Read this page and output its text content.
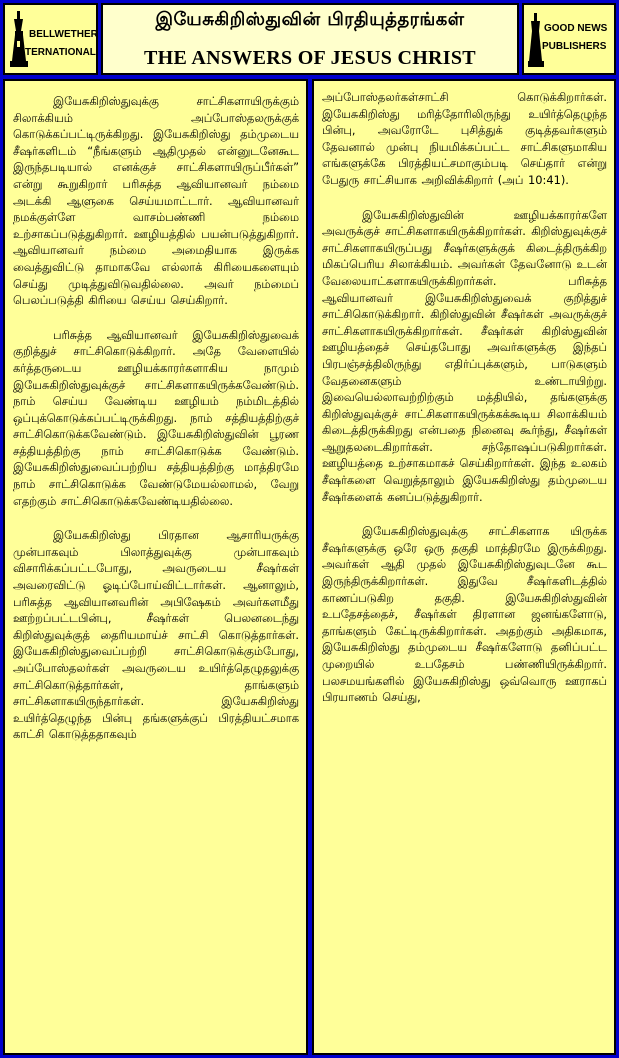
BELLWETHER
INTERNATIONAL
இயேசுகிறிஸ்துவின் பிரதியுத்தரங்கள்
THE ANSWERS OF JESUS CHRIST
GOOD NEWS
PUBLISHERS

இயேசுகிறிஸ்துவுக்கு சாட்சிகளாயிருக்கும் சிலாக்கியம் அப்போஸ்தலருக்குக் கொடுக்கப்பட்டிருக்கிறது. இயேசுகிறிஸ்து தம்முடைய சீஷர்களிடம் “நீங்களும் ஆதிமுதல் என்னுடனேகூட இருந்தபடியால் எனக்குச் சாட்சிகளாயிருப்பீர்கள்” என்று கூறுகிறார் பரிசுத்த ஆவியானவர் நம்மை அடக்கி ஆளுகை செய்யமாட்டார். ஆவியானவர் நமக்குள்ளே வாசம்பண்ணி நம்மை உற்சாகப்படுத்துகிறார். ஊழியத்தில் பயன்படுத்துகிறார். ஆவியானவர் நம்மை அமைதியாக இருக்க வைத்துவிட்டு தாமாகவே எல்லாக் கிரியைகளையும் செய்து முடித்துவிடுவதில்லை. அவர் நம்மைப் பெலப்படுத்தி கிரியை செய்ய செய்கிறார்.

பரிசுத்த ஆவியானவர் இயேசுகிறிஸ்துவைக் குறித்துச் சாட்சிகொடுக்கிறார். அதே வேளையில் கர்த்தருடைய ஊழியக்காரர்களாகிய நாமும் இயேசுகிறிஸ்துவுக்குச் சாட்சிகளாகயிருக்கவேண்டும். நாம் செய்ய வேண்டிய ஊழியம் நம்மிடத்தில் ஒப்புக்கொடுக்கப்பட்டிருக்கிறது. நாம் சத்தியத்திற்குச் சாட்சிகொடுக்கவேண்டும். இயேசுகிறிஸ்துவின் பூரண சத்தியத்திற்கு நாம் சாட்சிகொடுக்க வேண்டும். இயேசுகிறிஸ்துவைப்பற்றிய சத்தியத்திற்கு மாத்திரமே நாம் சாட்சிகொடுக்க வேண்டுமேயல்லாமல், வேறு எதற்கும் சாட்சிகொடுக்கவேண்டியதில்லை.

இயேசுகிறிஸ்து பிரதான ஆசாரியருக்கு முன்பாகவும் பிலாத்துவுக்கு முன்பாகவும் விசாரிக்கப்பட்டபோது, அவருடைய சீஷர்கள் அவரைவிட்டு ஓடிப்போய்விட்டார்கள். ஆனாலும், பரிசுத்த ஆவியானவரின் அபிஷேகம் அவர்களமீது ஊற்றப்பட்டபின்பு, சீஷர்கள் பெலனடைந்து கிறிஸ்துவுக்குத் தைரியமாய்ச் சாட்சி கொடுத்தார்கள். இயேசுகிறிஸ்துவைப்பற்றி சாட்சிகொடுக்கும்போது, அப்போஸ்தலர்கள் அவருடைய உயிர்த்தெழுதலுக்கு சாட்சிகொடுத்தார்கள், தாங்களும் சாட்சிகளாகயிருந்தார்கள். இயேசுகிறிஸ்து உயிர்த்தெழுந்த பின்பு தங்களுக்குப் பிரத்தியட்சமாக காட்சி கொடுத்ததாகவும்

அப்போஸ்தலர்கள்சாட்சி கொடுக்கிறார்கள். இயேசுகிறிஸ்து மரித்தோரிலிருந்து உயிர்த்தெழுந்த பின்பு, அவரோடே புசித்துக் குடித்தவர்களும் தேவனால் முன்பு நியமிக்கப்பட்ட சாட்சிகளுமாகிய எங்களுக்கே பிரத்தியட்சமாகும்படி செய்தார் என்று பேதுரு சாட்சியாக அறிவிக்கிறார் (அப் 10:41).

இயேசுகிறிஸ்துவின் ஊழியக்காரர்களே அவருக்குச் சாட்சிகளாகயிருக்கிறார்கள். கிறிஸ்துவுக்குச் சாட்சிகளாகயிருப்பது சீஷர்களுக்குக் கிடைத்திருக்கிற மிகப்பெரிய சிலாக்கியம். அவர்கள் தேவனோடு உடன் வேலையாட்களாகயிருக்கிறார்கள். பரிசுத்த ஆவியானவர் இயேசுகிறிஸ்துவைக் குறித்துச் சாட்சிகொடுக்கிறார். கிறிஸ்துவின் சீஷர்கள் அவருக்குச் சாட்சிகளாகயிருக்கிறார்கள். சீஷர்கள் கிறிஸ்துவின் ஊழியத்தைச் செய்தபோது அவர்களுக்கு இந்தப் பிரபஞ்சத்திலிருந்து எதிர்ப்புக்களும், பாடுகளும் வேதனைகளும் உண்டாயிற்று. இவையெல்லாவற்றிற்கும் மத்தியில், தங்களுக்கு கிறிஸ்துவுக்குச் சாட்சிகளாகயிருக்கக்கூடிய சிலாக்கியம் கிடைத்திருக்கிறது என்பதை நினைவு கூர்ந்து, சீஷர்கள் ஆறுதலடைகிறார்கள். சந்தோஷப்படுகிறார்கள். ஊழியத்தை உற்சாகமாகச் செய்கிறார்கள். இந்த உலகம் சீஷர்களை வெறுத்தாலும் இயேசுகிறிஸ்து தம்முடைய சீஷர்களைக் கனப்படுத்துகிறார்.

இயேசுகிறிஸ்துவுக்கு சாட்சிகளாக யிருக்க சீஷர்களுக்கு ஒரே ஒரு தகுதி மாத்திரமே இருக்கிறது. அவர்கள் ஆதி முதல் இயேசுகிறிஸ்துவுடனே கூட இருந்திருக்கிறார்கள். இதுவே சீஷர்களிடத்தில் காணப்படுகிற தகுதி. இயேசுகிறிஸ்துவின் உபதேசத்தைச், சீஷர்கள் திரளான ஜனங்களோடு, தாங்களும் கேட்டிருக்கிறார்கள். அதற்கும் அதிகமாக, இயேசுகிறிஸ்து தம்முடைய சீஷர்களோடு தனிப்பட்ட முறையில் உபதேசம் பண்ணியிருக்கிறார். பலசமயங்களில் இயேசுகிறிஸ்து ஒவ்வொரு ஊராகப் பிரயாணம் செய்து,
